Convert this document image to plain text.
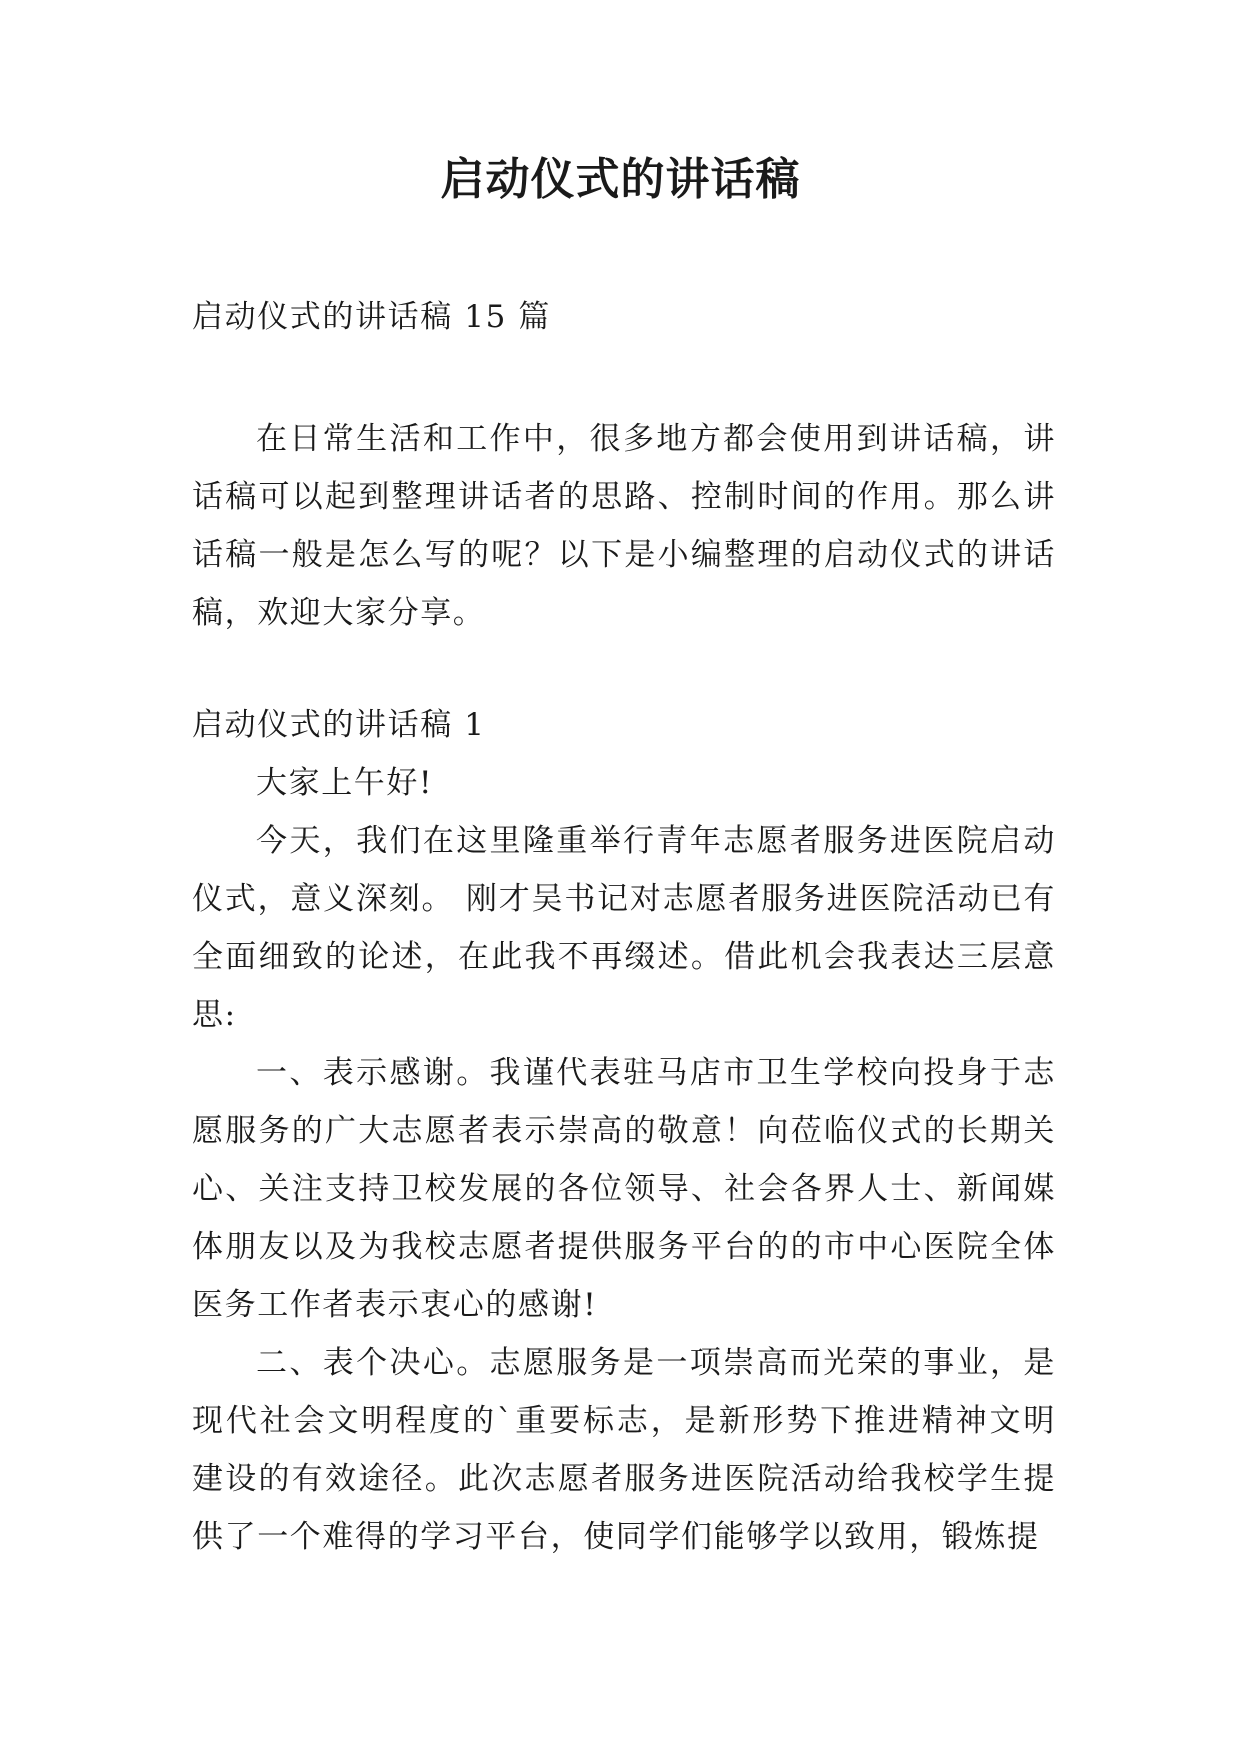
启动仪式的讲话稿
启动仪式的讲话稿 15 篇
在日常生活和工作中，很多地方都会使用到讲话稿，讲话稿可以起到整理讲话者的思路、控制时间的作用。那么讲话稿一般是怎么写的呢？以下是小编整理的启动仪式的讲话稿，欢迎大家分享。

启动仪式的讲话稿 1

大家上午好!

今天，我们在这里隆重举行青年志愿者服务进医院启动仪式，意义深刻。 刚才吴书记对志愿者服务进医院活动已有全面细致的论述，在此我不再缀述。借此机会我表达三层意思:

一、表示感谢。我谨代表驻马店市卫生学校向投身于志愿服务的广大志愿者表示崇高的敬意！向莅临仪式的长期关心、关注支持卫校发展的各位领导、社会各界人士、新闻媒体朋友以及为我校志愿者提供服务平台的的市中心医院全体医务工作者表示衷心的感谢!

二、表个决心。志愿服务是一项崇高而光荣的事业，是现代社会文明程度的`重要标志，是新形势下推进精神文明建设的有效途径。此次志愿者服务进医院活动给我校学生提供了一个难得的学习平台，使同学们能够学以致用，锻炼提
